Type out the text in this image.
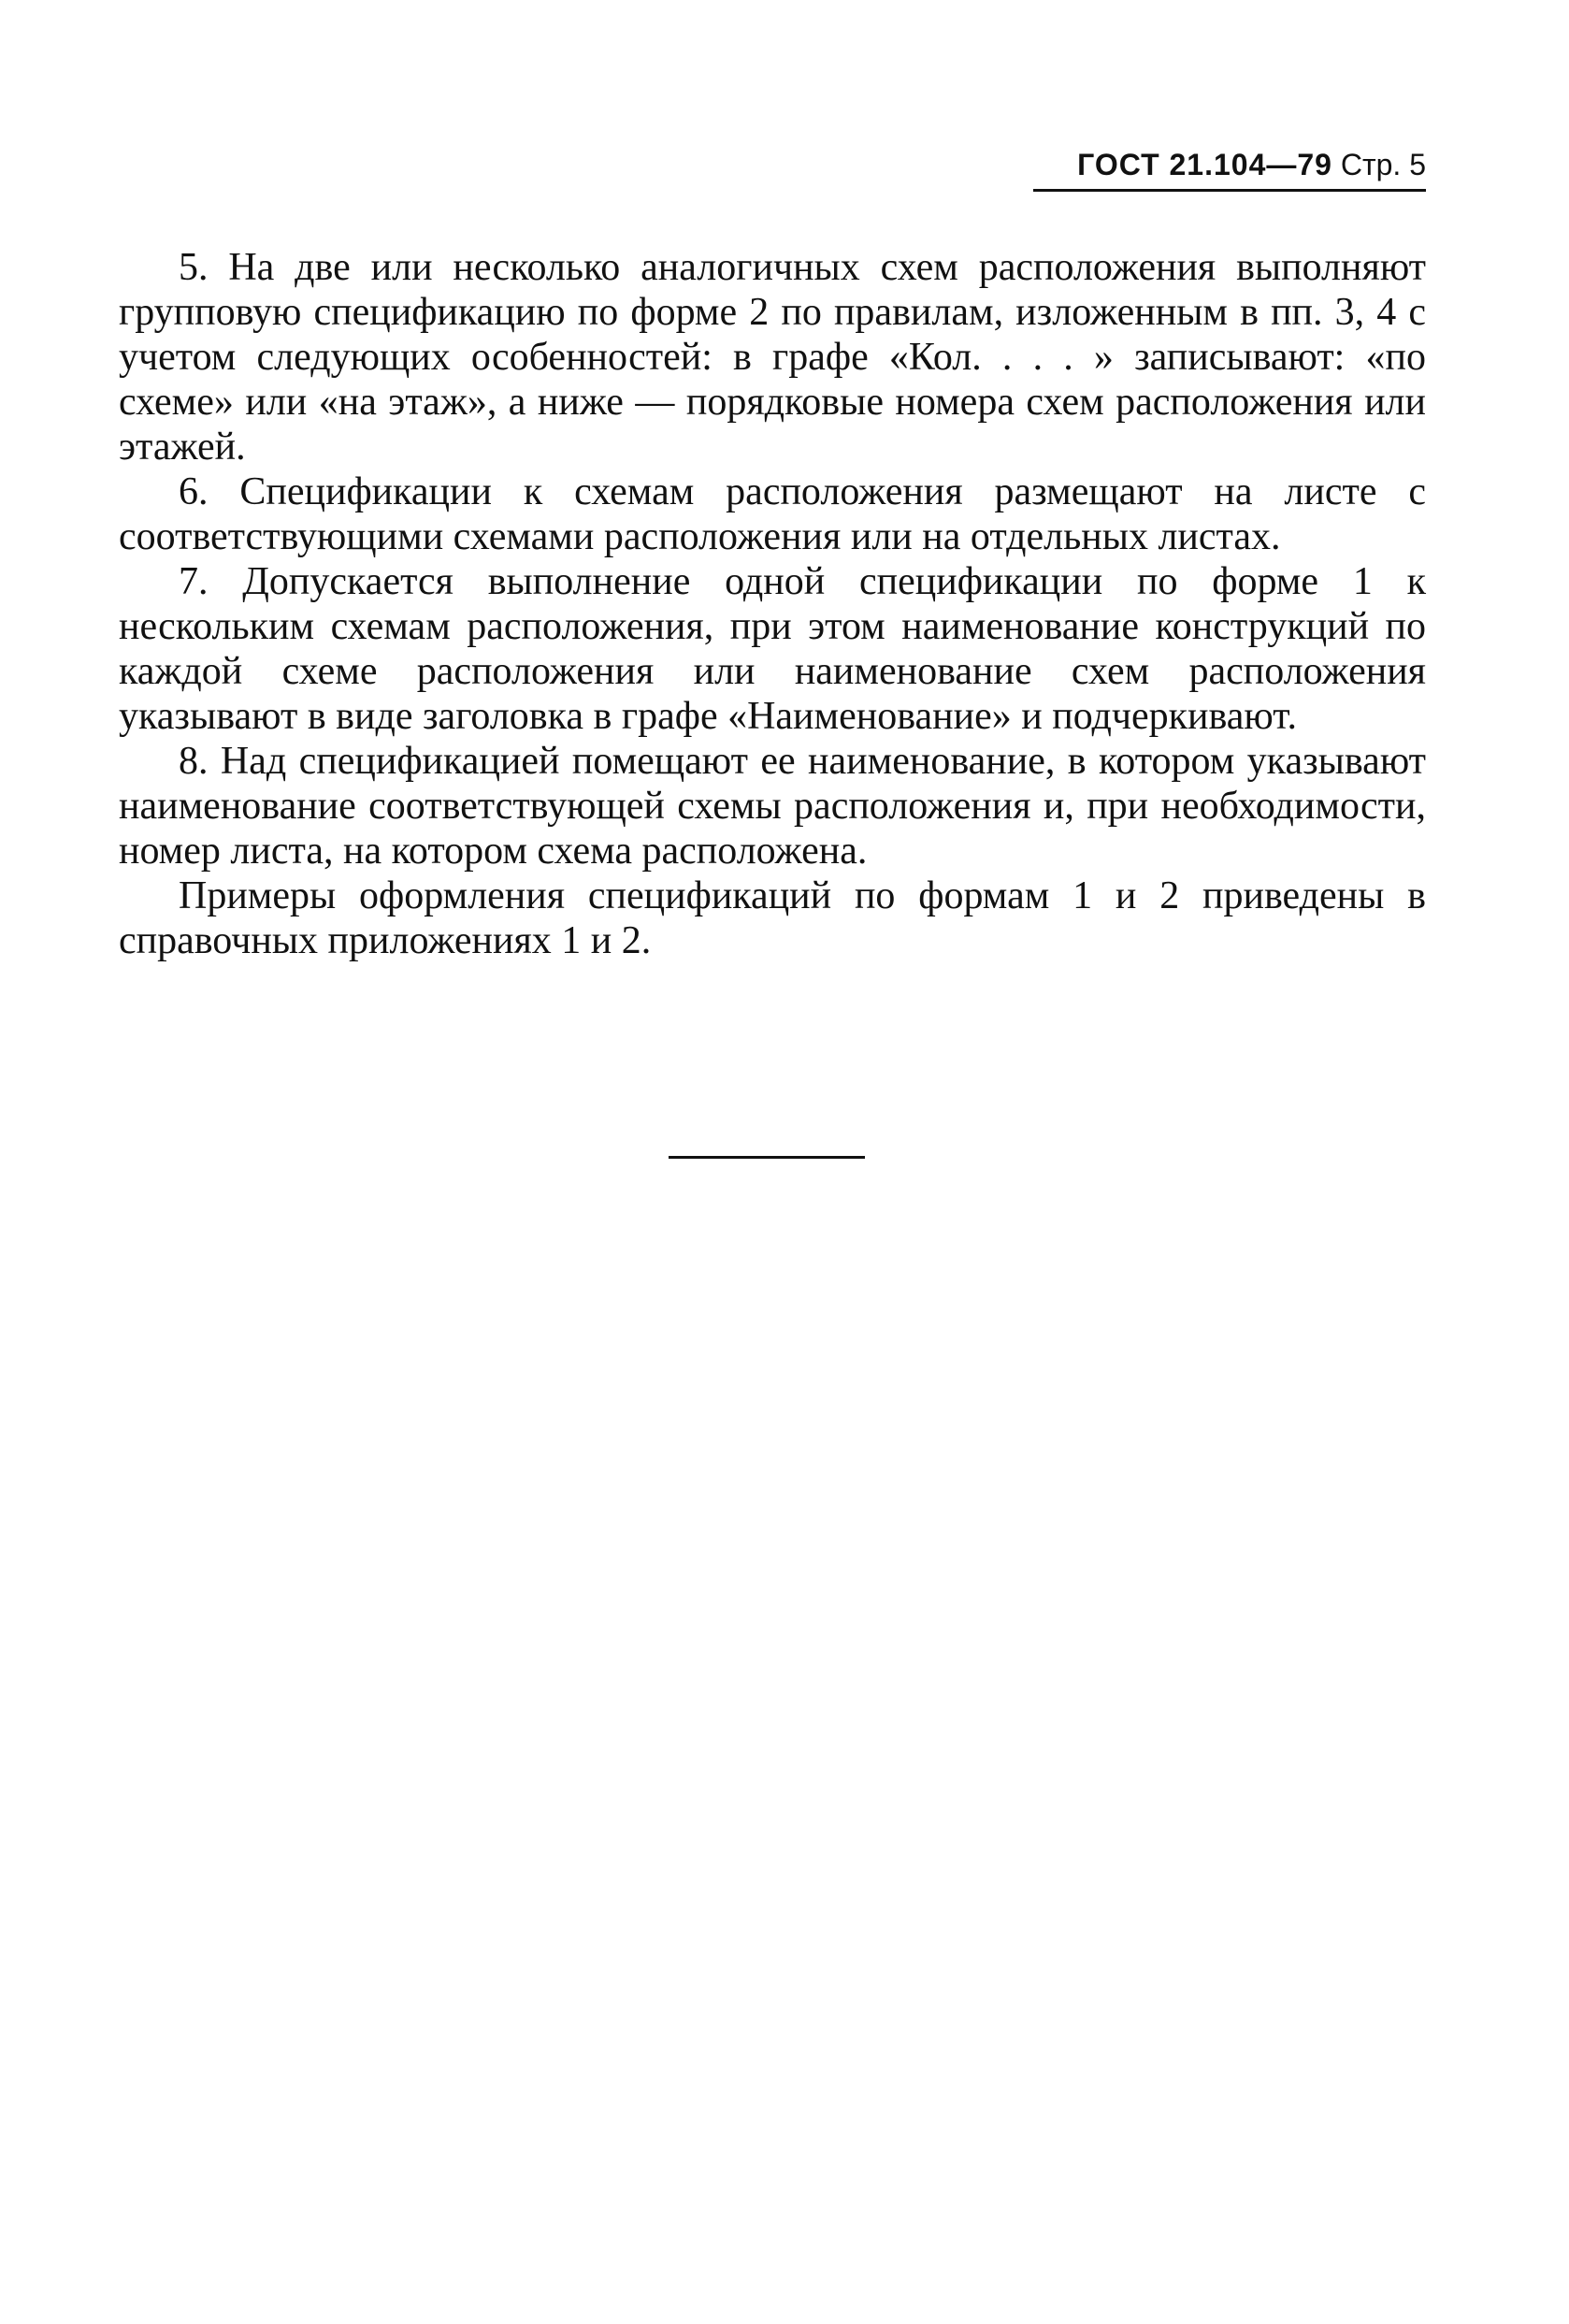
ГОСТ 21.104—79 Стр. 5

5. На две или несколько аналогичных схем расположения выполняют групповую спецификацию по форме 2 по правилам, изложенным в пп. 3, 4 с учетом следующих особенностей: в графе «Кол. . . . » записывают: «по схеме» или «на этаж», а ниже — порядковые номера схем расположения или этажей.

6. Спецификации к схемам расположения размещают на листе с соответствующими схемами расположения или на отдельных листах.

7. Допускается выполнение одной спецификации по форме 1 к нескольким схемам расположения, при этом наименование конструкций по каждой схеме расположения или наименование схем расположения указывают в виде заголовка в графе «Наименование» и подчеркивают.

8. Над спецификацией помещают ее наименование, в котором указывают наименование соответствующей схемы расположения и, при необходимости, номер листа, на котором схема расположена.

Примеры оформления спецификаций по формам 1 и 2 приведены в справочных приложениях 1 и 2.
